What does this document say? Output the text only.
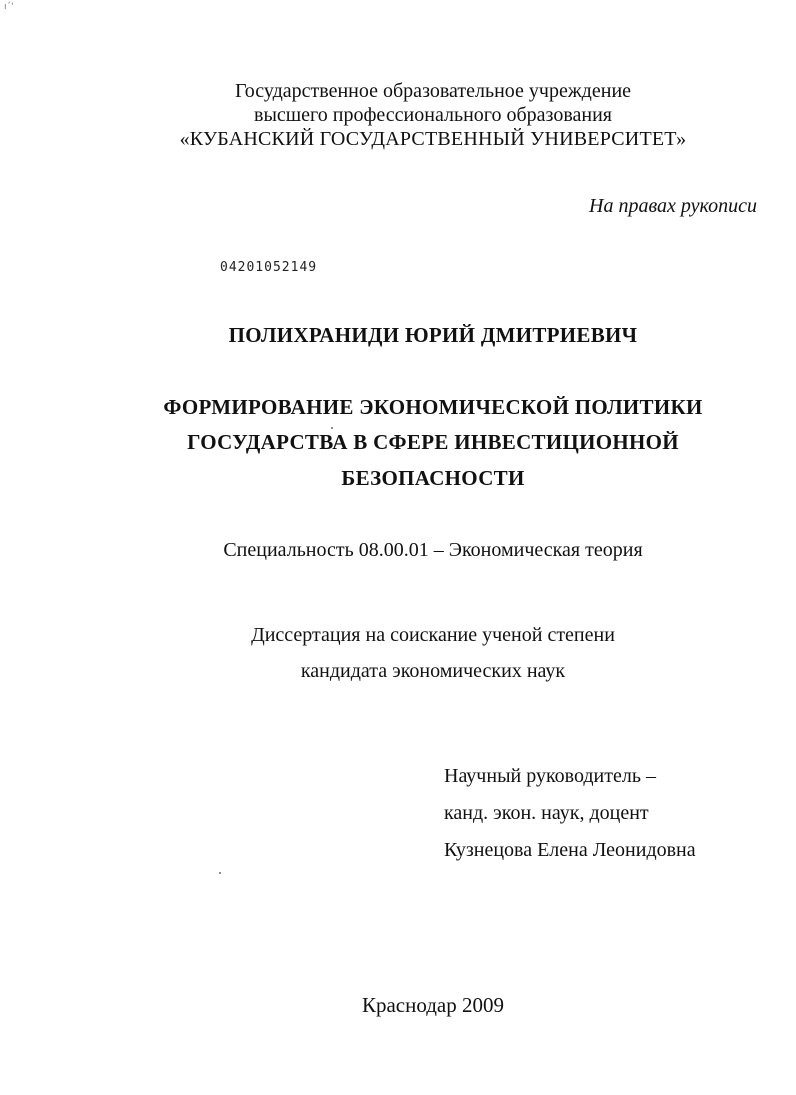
ıˊ'
Государственное образовательное учреждение
высшего профессионального образования
«КУБАНСКИЙ ГОСУДАРСТВЕННЫЙ УНИВЕРСИТЕТ»
На правах рукописи
04201052149
ПОЛИХРАНИДИ ЮРИЙ ДМИТРИЕВИЧ
ФОРМИРОВАНИЕ ЭКОНОМИЧЕСКОЙ ПОЛИТИКИ
ГОСУДАРСТВА В СФЕРЕ ИНВЕСТИЦИОННОЙ
БЕЗОПАСНОСТИ
Специальность 08.00.01 – Экономическая теория
Диссертация на соискание ученой степени
кандидата экономических наук
Научный руководитель –
канд. экон. наук, доцент
Кузнецова Елена Леонидовна
Краснодар 2009
